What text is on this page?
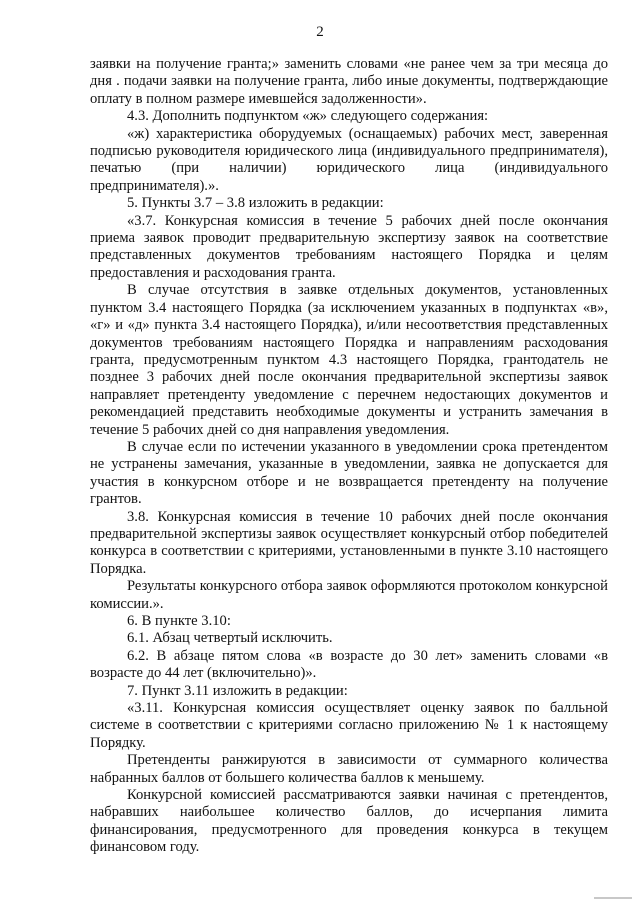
2

заявки на получение гранта;» заменить словами «не ранее чем за три месяца до дня . подачи заявки на получение гранта, либо иные документы, подтверждающие оплату в полном размере имевшейся задолженности».

4.3. Дополнить подпунктом «ж» следующего содержания:

«ж) характеристика оборудуемых (оснащаемых) рабочих мест, заверенная подписью руководителя юридического лица (индивидуального предпринимателя), печатью (при наличии) юридического лица (индивидуального предпринимателя).».

5. Пункты 3.7 – 3.8 изложить в редакции:

«3.7. Конкурсная комиссия в течение 5 рабочих дней после окончания приема заявок проводит предварительную экспертизу заявок на соответствие представленных документов требованиям настоящего Порядка и целям предоставления и расходования гранта.

В случае отсутствия в заявке отдельных документов, установленных пунктом 3.4 настоящего Порядка (за исключением указанных в подпунктах «в», «г» и «д» пункта 3.4 настоящего Порядка), и/или несоответствия представленных документов требованиям настоящего Порядка и направлениям расходования гранта, предусмотренным пунктом 4.3 настоящего Порядка, грантодатель не позднее 3 рабочих дней после окончания предварительной экспертизы заявок направляет претенденту уведомление с перечнем недостающих документов и рекомендацией представить необходимые документы и устранить замечания в течение 5 рабочих дней со дня направления уведомления.

В случае если по истечении указанного в уведомлении срока претендентом не устранены замечания, указанные в уведомлении, заявка не допускается для участия в конкурсном отборе и не возвращается претенденту на получение грантов.

3.8. Конкурсная комиссия в течение 10 рабочих дней после окончания предварительной экспертизы заявок осуществляет конкурсный отбор победителей конкурса в соответствии с критериями, установленными в пункте 3.10 настоящего Порядка.

Результаты конкурсного отбора заявок оформляются протоколом конкурсной комиссии.».

6. В пункте 3.10:

6.1. Абзац четвертый исключить.

6.2. В абзаце пятом слова «в возрасте до 30 лет» заменить словами «в возрасте до 44 лет (включительно)».

7. Пункт 3.11 изложить в редакции:

«3.11. Конкурсная комиссия осуществляет оценку заявок по балльной системе в соответствии с критериями согласно приложению № 1 к настоящему Порядку.

Претенденты ранжируются в зависимости от суммарного количества набранных баллов от большего количества баллов к меньшему.

Конкурсной комиссией рассматриваются заявки начиная с претендентов, набравших наибольшее количество баллов, до исчерпания лимита финансирования, предусмотренного для проведения конкурса в текущем финансовом году.
